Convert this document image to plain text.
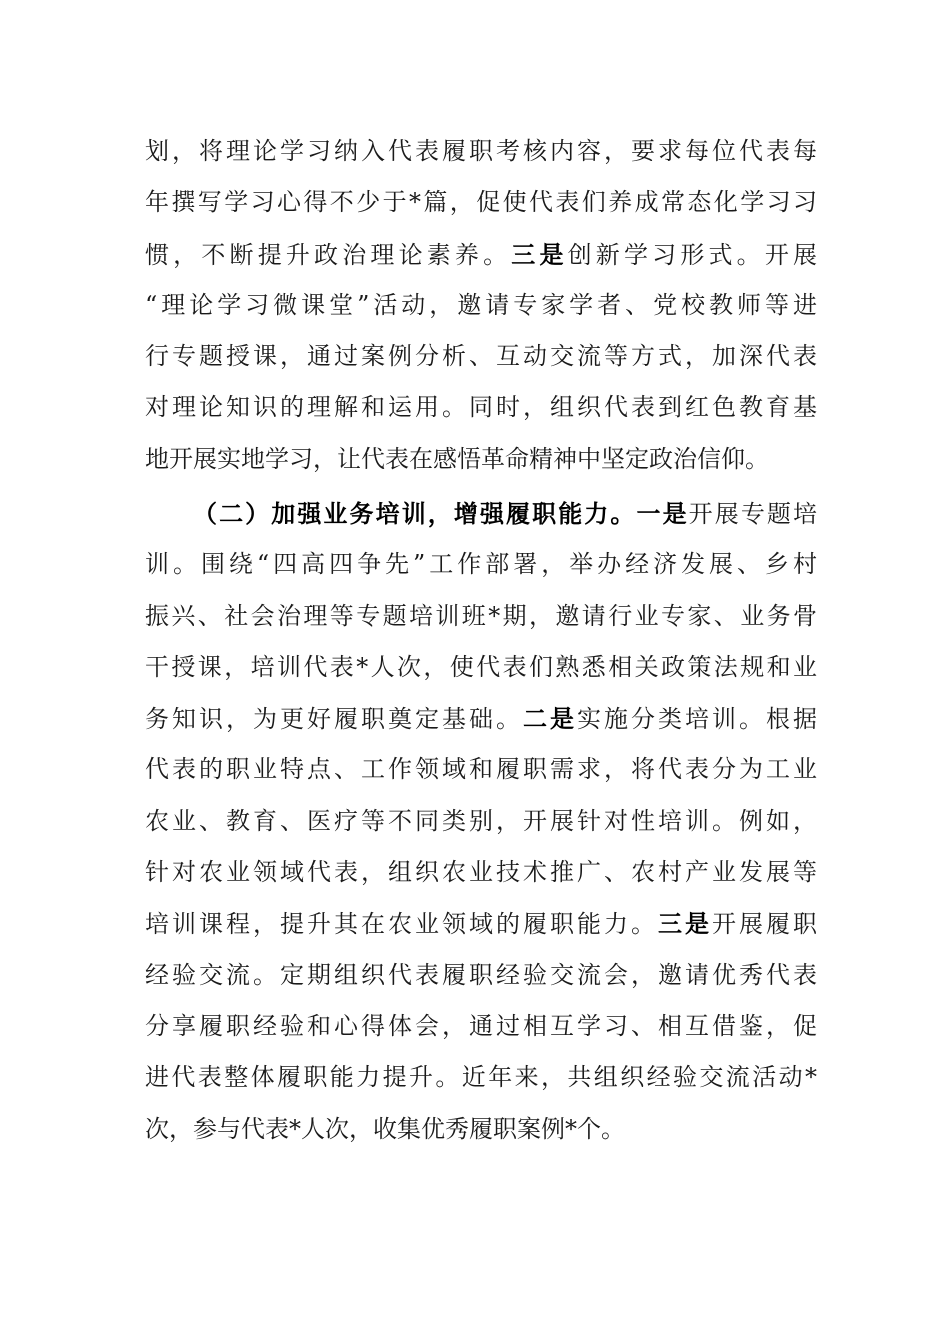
划，将理论学习纳入代表履职考核内容，要求每位代表每
年撰写学习心得不少于*篇，促使代表们养成常态化学习习
惯，不断提升政治理论素养。三是创新学习形式。开展
“理论学习微课堂”活动，邀请专家学者、党校教师等进
行专题授课，通过案例分析、互动交流等方式，加深代表
对理论知识的理解和运用。同时，组织代表到红色教育基
地开展实地学习，让代表在感悟革命精神中坚定政治信仰。
（二）加强业务培训，增强履职能力。一是开展专题培
训。围绕“四高四争先”工作部署，举办经济发展、乡村
振兴、社会治理等专题培训班*期，邀请行业专家、业务骨
干授课，培训代表*人次，使代表们熟悉相关政策法规和业
务知识，为更好履职奠定基础。二是实施分类培训。根据
代表的职业特点、工作领域和履职需求，将代表分为工业
农业、教育、医疗等不同类别，开展针对性培训。例如，
针对农业领域代表，组织农业技术推广、农村产业发展等
培训课程，提升其在农业领域的履职能力。三是开展履职
经验交流。定期组织代表履职经验交流会，邀请优秀代表
分享履职经验和心得体会，通过相互学习、相互借鉴，促
进代表整体履职能力提升。近年来，共组织经验交流活动*
次，参与代表*人次，收集优秀履职案例*个。
